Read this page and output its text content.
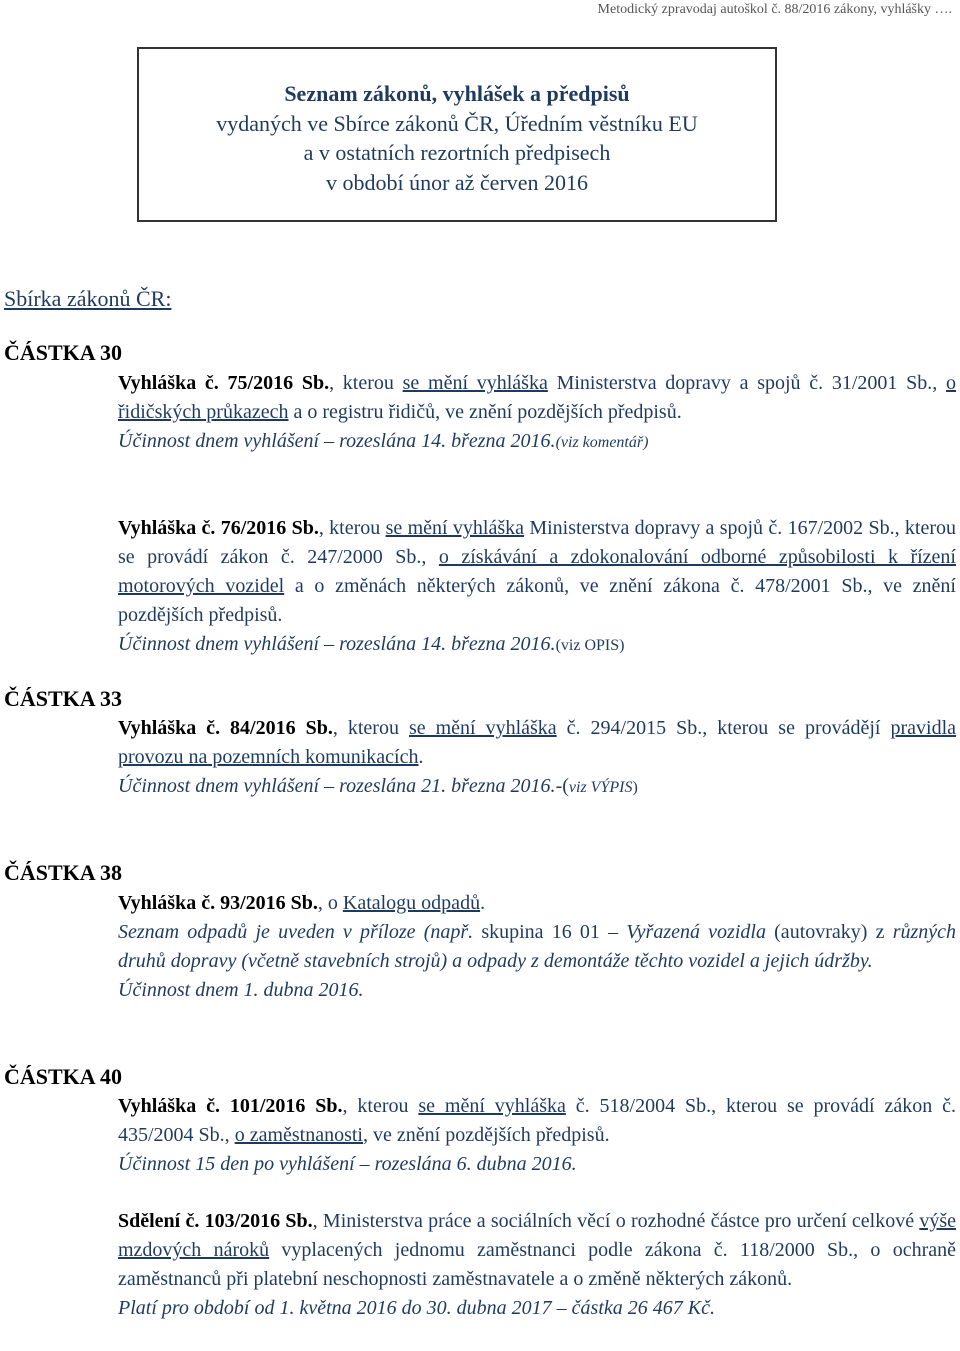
Metodický zpravodaj autoškol č. 88/2016 zákony, vyhlášky ….
Seznam zákonů, vyhlášek a předpisů
vydaných ve Sbírce zákonů ČR, Úředním věstníku EU
a v ostatních rezortních předpisech
v období únor až červen 2016
Sbírka zákonů ČR:
ČÁSTKA 30
Vyhláška č. 75/2016 Sb., kterou se mění vyhláška Ministerstva dopravy a spojů č. 31/2001 Sb., o řidičských průkazech a o registru řidičů, ve znění pozdějších předpisů.
Účinnost dnem vyhlášení – rozeslána 14. března 2016.(viz komentář)
Vyhláška č. 76/2016 Sb., kterou se mění vyhláška Ministerstva dopravy a spojů č. 167/2002 Sb., kterou se provádí zákon č. 247/2000 Sb., o získávání a zdokonalování odborné způsobilosti k řízení motorových vozidel a o změnách některých zákonů, ve znění zákona č. 478/2001 Sb., ve znění pozdějších předpisů.
Účinnost dnem vyhlášení – rozeslána 14. března 2016.(viz OPIS)
ČÁSTKA 33
Vyhláška č. 84/2016 Sb., kterou se mění vyhláška č. 294/2015 Sb., kterou se provádějí pravidla provozu na pozemních komunikacích.
Účinnost dnem vyhlášení – rozeslána 21. března 2016.-(viz VÝPIS)
ČÁSTKA 38
Vyhláška č. 93/2016 Sb., o Katalogu odpadů.
Seznam odpadů je uveden v příloze (např. skupina 16 01 – Vyřazená vozidla (autovraky) z různých druhů dopravy (včetně stavebních strojů) a odpady z demontáže těchto vozidel a jejich údržby.
Účinnost dnem 1. dubna 2016.
ČÁSTKA 40
Vyhláška č. 101/2016 Sb., kterou se mění vyhláška č. 518/2004 Sb., kterou se provádí zákon č. 435/2004 Sb., o zaměstnanosti, ve znění pozdějších předpisů.
Účinnost 15 den po vyhlášení – rozeslána 6. dubna 2016.
Sdělení č. 103/2016 Sb., Ministerstva práce a sociálních věcí o rozhodné částce pro určení celkové výše mzdových nároků vyplacených jednomu zaměstnanci podle zákona č. 118/2000 Sb., o ochraně zaměstnanců při platební neschopnosti zaměstnavatele a o změně některých zákonů.
Platí pro období od 1. května 2016 do 30. dubna 2017 – částka 26 467 Kč.
